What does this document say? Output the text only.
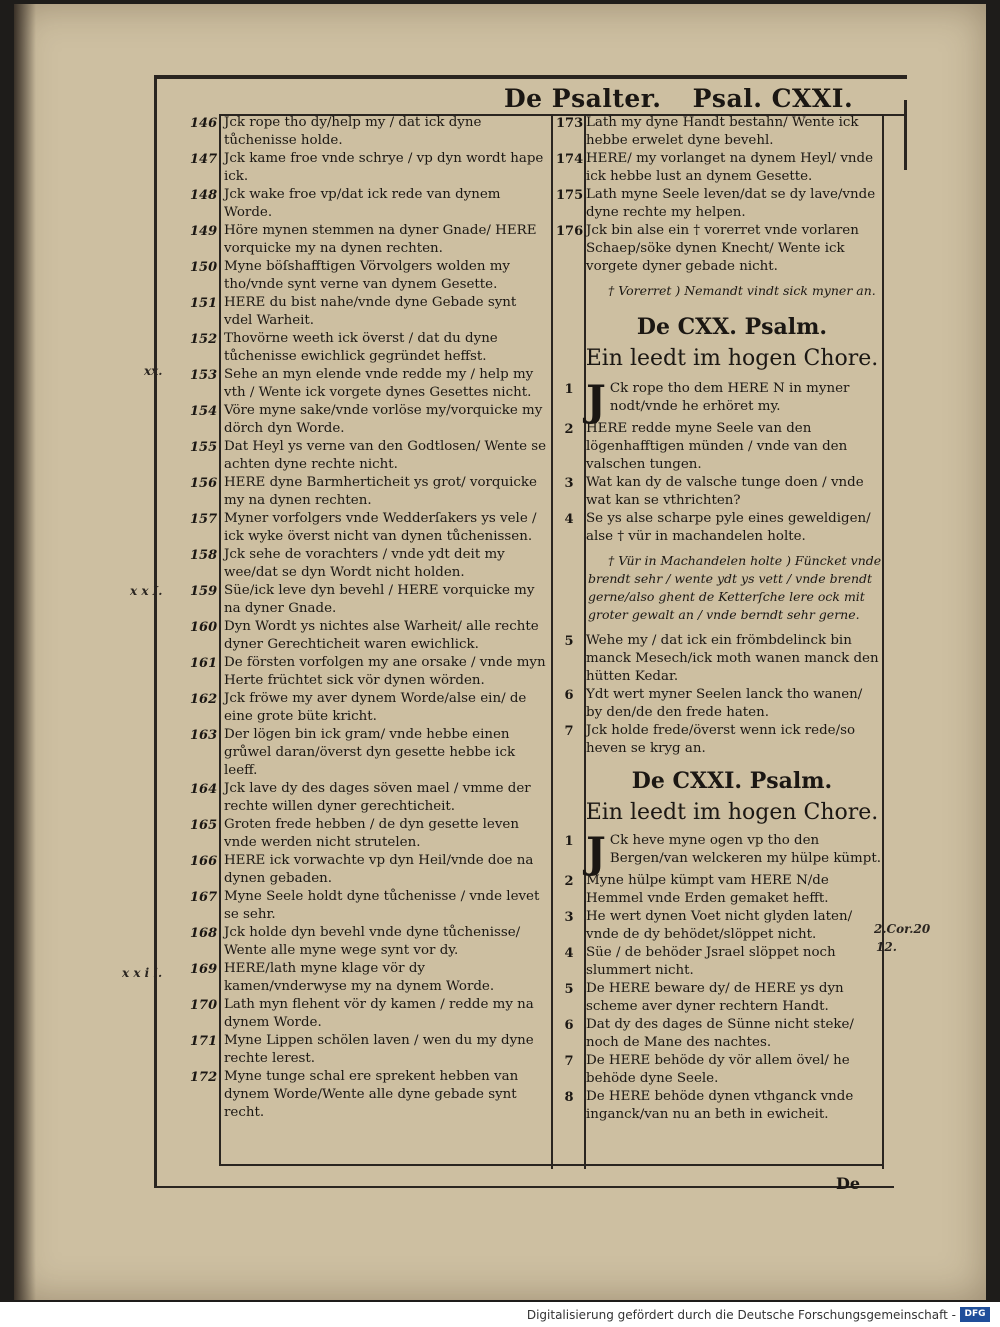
De Psalter. Psal. CXXI.
xx.
x x I.
x x i i.
2.Cor.20
12.
146 Jck rope tho dy/help my / dat ick dyne tůchenisse holde.
147 Jck kame froe vnde schrye / vp dyn wordt hape ick.
148 Jck wake froe vp/dat ick rede van dynem Worde.
149 Höre mynen stemmen na dyner Gnade/ HERE vorquicke my na dynen rechten.
150 Myne böſshafftigen Vörvolgers wolden my tho/vnde synt verne van dynem Gesette.
151 HERE du bist nahe/vnde dyne Gebade synt vdel Warheit.
152 Thovörne weeth ick överst / dat du dyne tůchenisse ewichlick gegründet heffst.
153 Sehe an myn elende vnde redde my / help my vth / Wente ick vorgete dynes Gesettes nicht.
154 Vöre myne sake/vnde vorlöse my/vorquicke my dörch dyn Worde.
155 Dat Heyl ys verne van den Godtlosen/ Wente se achten dyne rechte nicht.
156 HERE dyne Barmherticheit ys grot/ vorquicke my na dynen rechten.
157 Myner vorfolgers vnde Wedderſakers ys vele / ick wyke överst nicht van dynen tůchenissen.
158 Jck sehe de vorachters / vnde ydt deit my wee/dat se dyn Wordt nicht holden.
159 Süe/ick leve dyn bevehl / HERE vorquicke my na dyner Gnade.
160 Dyn Wordt ys nichtes alse Warheit/ alle rechte dyner Gerechticheit waren ewichlick.
161 De försten vorfolgen my ane orsake / vnde myn Herte früchtet sick vör dynen wörden.
162 Jck fröwe my aver dynem Worde/alse ein/ de eine grote büte kricht.
163 Der lögen bin ick gram/ vnde hebbe einen grůwel daran/överst dyn gesette hebbe ick leeff.
164 Jck lave dy des dages söven mael / vmme der rechte willen dyner gerechticheit.
165 Groten frede hebben / de dyn gesette leven vnde werden nicht strutelen.
166 HERE ick vorwachte vp dyn Heil/vnde doe na dynen gebaden.
167 Myne Seele holdt dyne tůchenisse / vnde levet se sehr.
168 Jck holde dyn bevehl vnde dyne tůchenisse/ Wente alle myne wege synt vor dy.
169 HERE/lath myne klage vör dy kamen/vnderwyse my na dynem Worde.
170 Lath myn flehent vör dy kamen / redde my na dynem Worde.
171 Myne Lippen schölen laven / wen du my dyne rechte lerest.
172 Myne tunge schal ere sprekent hebben van dynem Worde/Wente alle dyne gebade synt recht.
173 Lath my dyne Handt bestahn/ Wente ick hebbe erwelet dyne bevehl.
174 HERE/ my vorlanget na dynem Heyl/ vnde ick hebbe lust an dynem Gesette.
175 Lath myne Seele leven/dat se dy lave/vnde dyne rechte my helpen.
176 Jck bin alse ein † vorerret vnde vorlaren Schaep/söke dynen Knecht/ Wente ick vorgete dyner gebade nicht.
† Vorerret ) Nemandt vindt sick myner an.
De CXX. Psalm.
Ein leedt im hogen Chore.
1 J Ck rope tho dem HERE N in myner nodt/vnde he erhöret my.
2 HERE redde myne Seele van den lögenhafftigen münden / vnde van den valschen tungen.
3 Wat kan dy de valsche tunge doen / vnde wat kan se vthrichten?
4 Se ys alse scharpe pyle eines geweldigen/ alse † vür in machandelen holte.
† Vür in Machandelen holte ) Füncket vnde brendt sehr / wente ydt ys vett / vnde brendt gerne/also ghent de Ketterſche lere ock mit groter gewalt an / vnde berndt sehr gerne.
5 Wehe my / dat ick ein frömbdelinck bin manck Mesech/ick moth wanen manck den hütten Kedar.
6 Ydt wert myner Seelen lanck tho wanen/ by den/de den frede haten.
7 Jck holde frede/överst wenn ick rede/so heven se kryg an.
De CXXI. Psalm.
Ein leedt im hogen Chore.
1 J Ck heve myne ogen vp tho den Bergen/van welckeren my hülpe kümpt.
2 Myne hülpe kümpt vam HERE N/de Hemmel vnde Erden gemaket hefft.
3 He wert dynen Voet nicht glyden laten/ vnde de dy behödet/slöppet nicht.
4 Süe / de behöder Jsrael slöppet noch slummert nicht.
5 De HERE beware dy/ de HERE ys dyn scheme aver dyner rechtern Handt.
6 Dat dy des dages de Sünne nicht steke/ noch de Mane des nachtes.
7 De HERE behöde dy vör allem övel/ he behöde dyne Seele.
8 De HERE behöde dynen vthganck vnde inganck/van nu an beth in ewicheit.
De
Digitalisierung gefördert durch die Deutsche Forschungsgemeinschaft - DFG
